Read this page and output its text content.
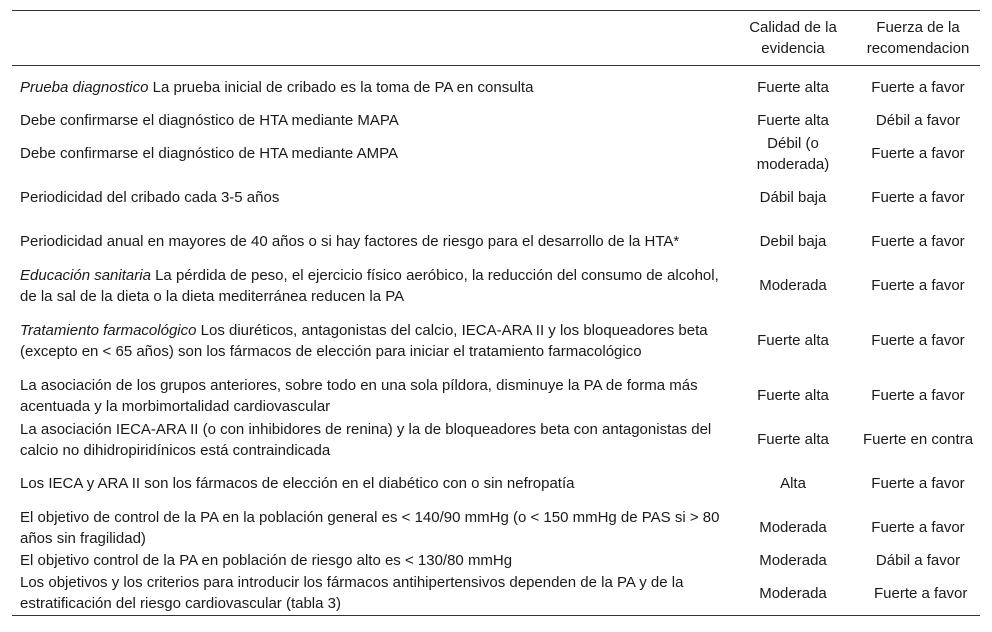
	Calidad de la evidencia	Fuerza de la recomendacion
Prueba diagnostico La prueba inicial de cribado es la toma de PA en consulta	Fuerte alta	Fuerte a favor
Debe confirmarse el diagnóstico de HTA mediante MAPA	Fuerte alta	Débil a favor
Debe confirmarse el diagnóstico de HTA mediante AMPA	Débil (o moderada)	Fuerte a favor
Periodicidad del cribado cada 3-5 años	Dábil baja	Fuerte a favor
Periodicidad anual en mayores de 40 años o si hay factores de riesgo para el desarrollo de la HTA*	Debil baja	Fuerte a favor
Educación sanitaria La pérdida de peso, el ejercicio físico aeróbico, la reducción del consumo de alcohol, de la sal de la dieta o la dieta mediterránea reducen la PA	Moderada	Fuerte a favor
Tratamiento farmacológico Los diuréticos, antagonistas del calcio, IECA-ARA II y los bloqueadores beta (excepto en < 65 años) son los fármacos de elección para iniciar el tratamiento farmacológico	Fuerte alta	Fuerte a favor
La asociación de los grupos anteriores, sobre todo en una sola píldora, disminuye la PA de forma más acentuada y la morbimortalidad cardiovascular	Fuerte alta	Fuerte a favor
La asociación IECA-ARA II (o con inhibidores de renina) y la de bloqueadores beta con antagonistas del calcio no dihidropiridínicos está contraindicada	Fuerte alta	Fuerte en contra
Los IECA y ARA II son los fármacos de elección en el diabético con o sin nefropatía	Alta	Fuerte a favor
El objetivo de control de la PA en la población general es < 140/90 mmHg (o < 150 mmHg de PAS si > 80 años sin fragilidad)	Moderada	Fuerte a favor
El objetivo control de la PA en población de riesgo alto es < 130/80 mmHg	Moderada	Dábil a favor
Los objetivos y los criterios para introducir los fármacos antihipertensivos dependen de la PA y de la estratificación del riesgo cardiovascular (tabla 3)	Moderada	Fuerte a favor
